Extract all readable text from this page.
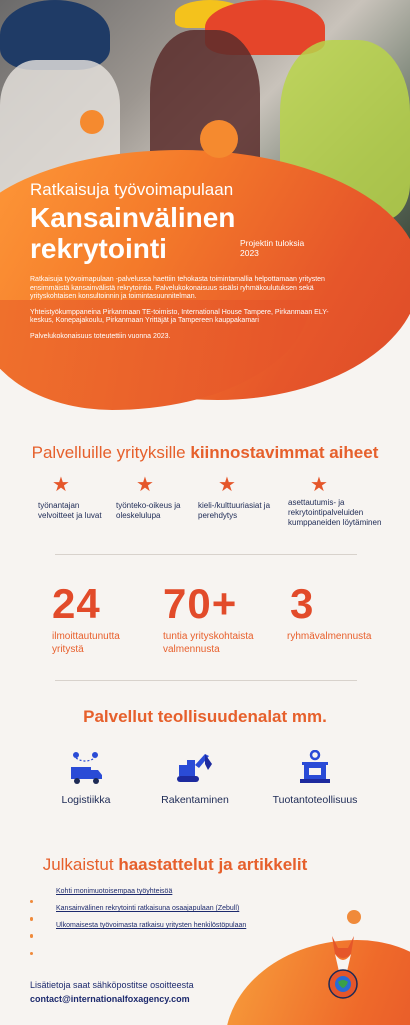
Ratkaisuja työvoimapulaan

Kansainvälinen
rekrytointi	Projektin tuloksia 2023

Ratkaisuja työvoimapulaan -palvelussa haettiin tehokasta toimintamallia helpottamaan yritysten ensimmäistä kansainvälistä rekrytointia. Palvelukokonaisuus sisälsi ryhmäkoulutuksen sekä yrityskohtaisen konsultoinnin ja toimintasuunnitelman.

Yhteistyökumppaneina Pirkanmaan TE-toimisto, International House Tampere, Pirkanmaan ELY-keskus, Konepajakoulu, Pirkanmaan Yrittäjät ja Tampereen kauppakamari

Palvelukokonaisuus toteutettiin vuonna 2023.

Palvelluille yrityksille kiinnostavimmat aiheet
★
työnantajan velvoitteet ja luvat
★
työnteko-oikeus ja oleskelulupa
★
kieli-/kulttuuriasiat ja perehdytys
★
asettautumis- ja rekrytointipalveluiden kumppaneiden löytäminen
24
ilmoittautunutta yritystä
70+
tuntia yrityskohtaista valmennusta
3
ryhmävalmennusta
Palvellut teollisuudenalat mm.
Logistiikka	Rakentaminen	Tuotantoteollisuus
Julkaistut haastattelut ja artikkelit
Kohti monimuotoisempaa työyhteisöä
Kansainvälinen rekrytointi ratkaisuna osaajapulaan (Zebull)
Ulkomaisesta työvoimasta ratkaisu yritysten henkilöstöpulaan
Lisätietoja saat sähköpostitse osoitteesta
contact@internationalfoxagency.com
